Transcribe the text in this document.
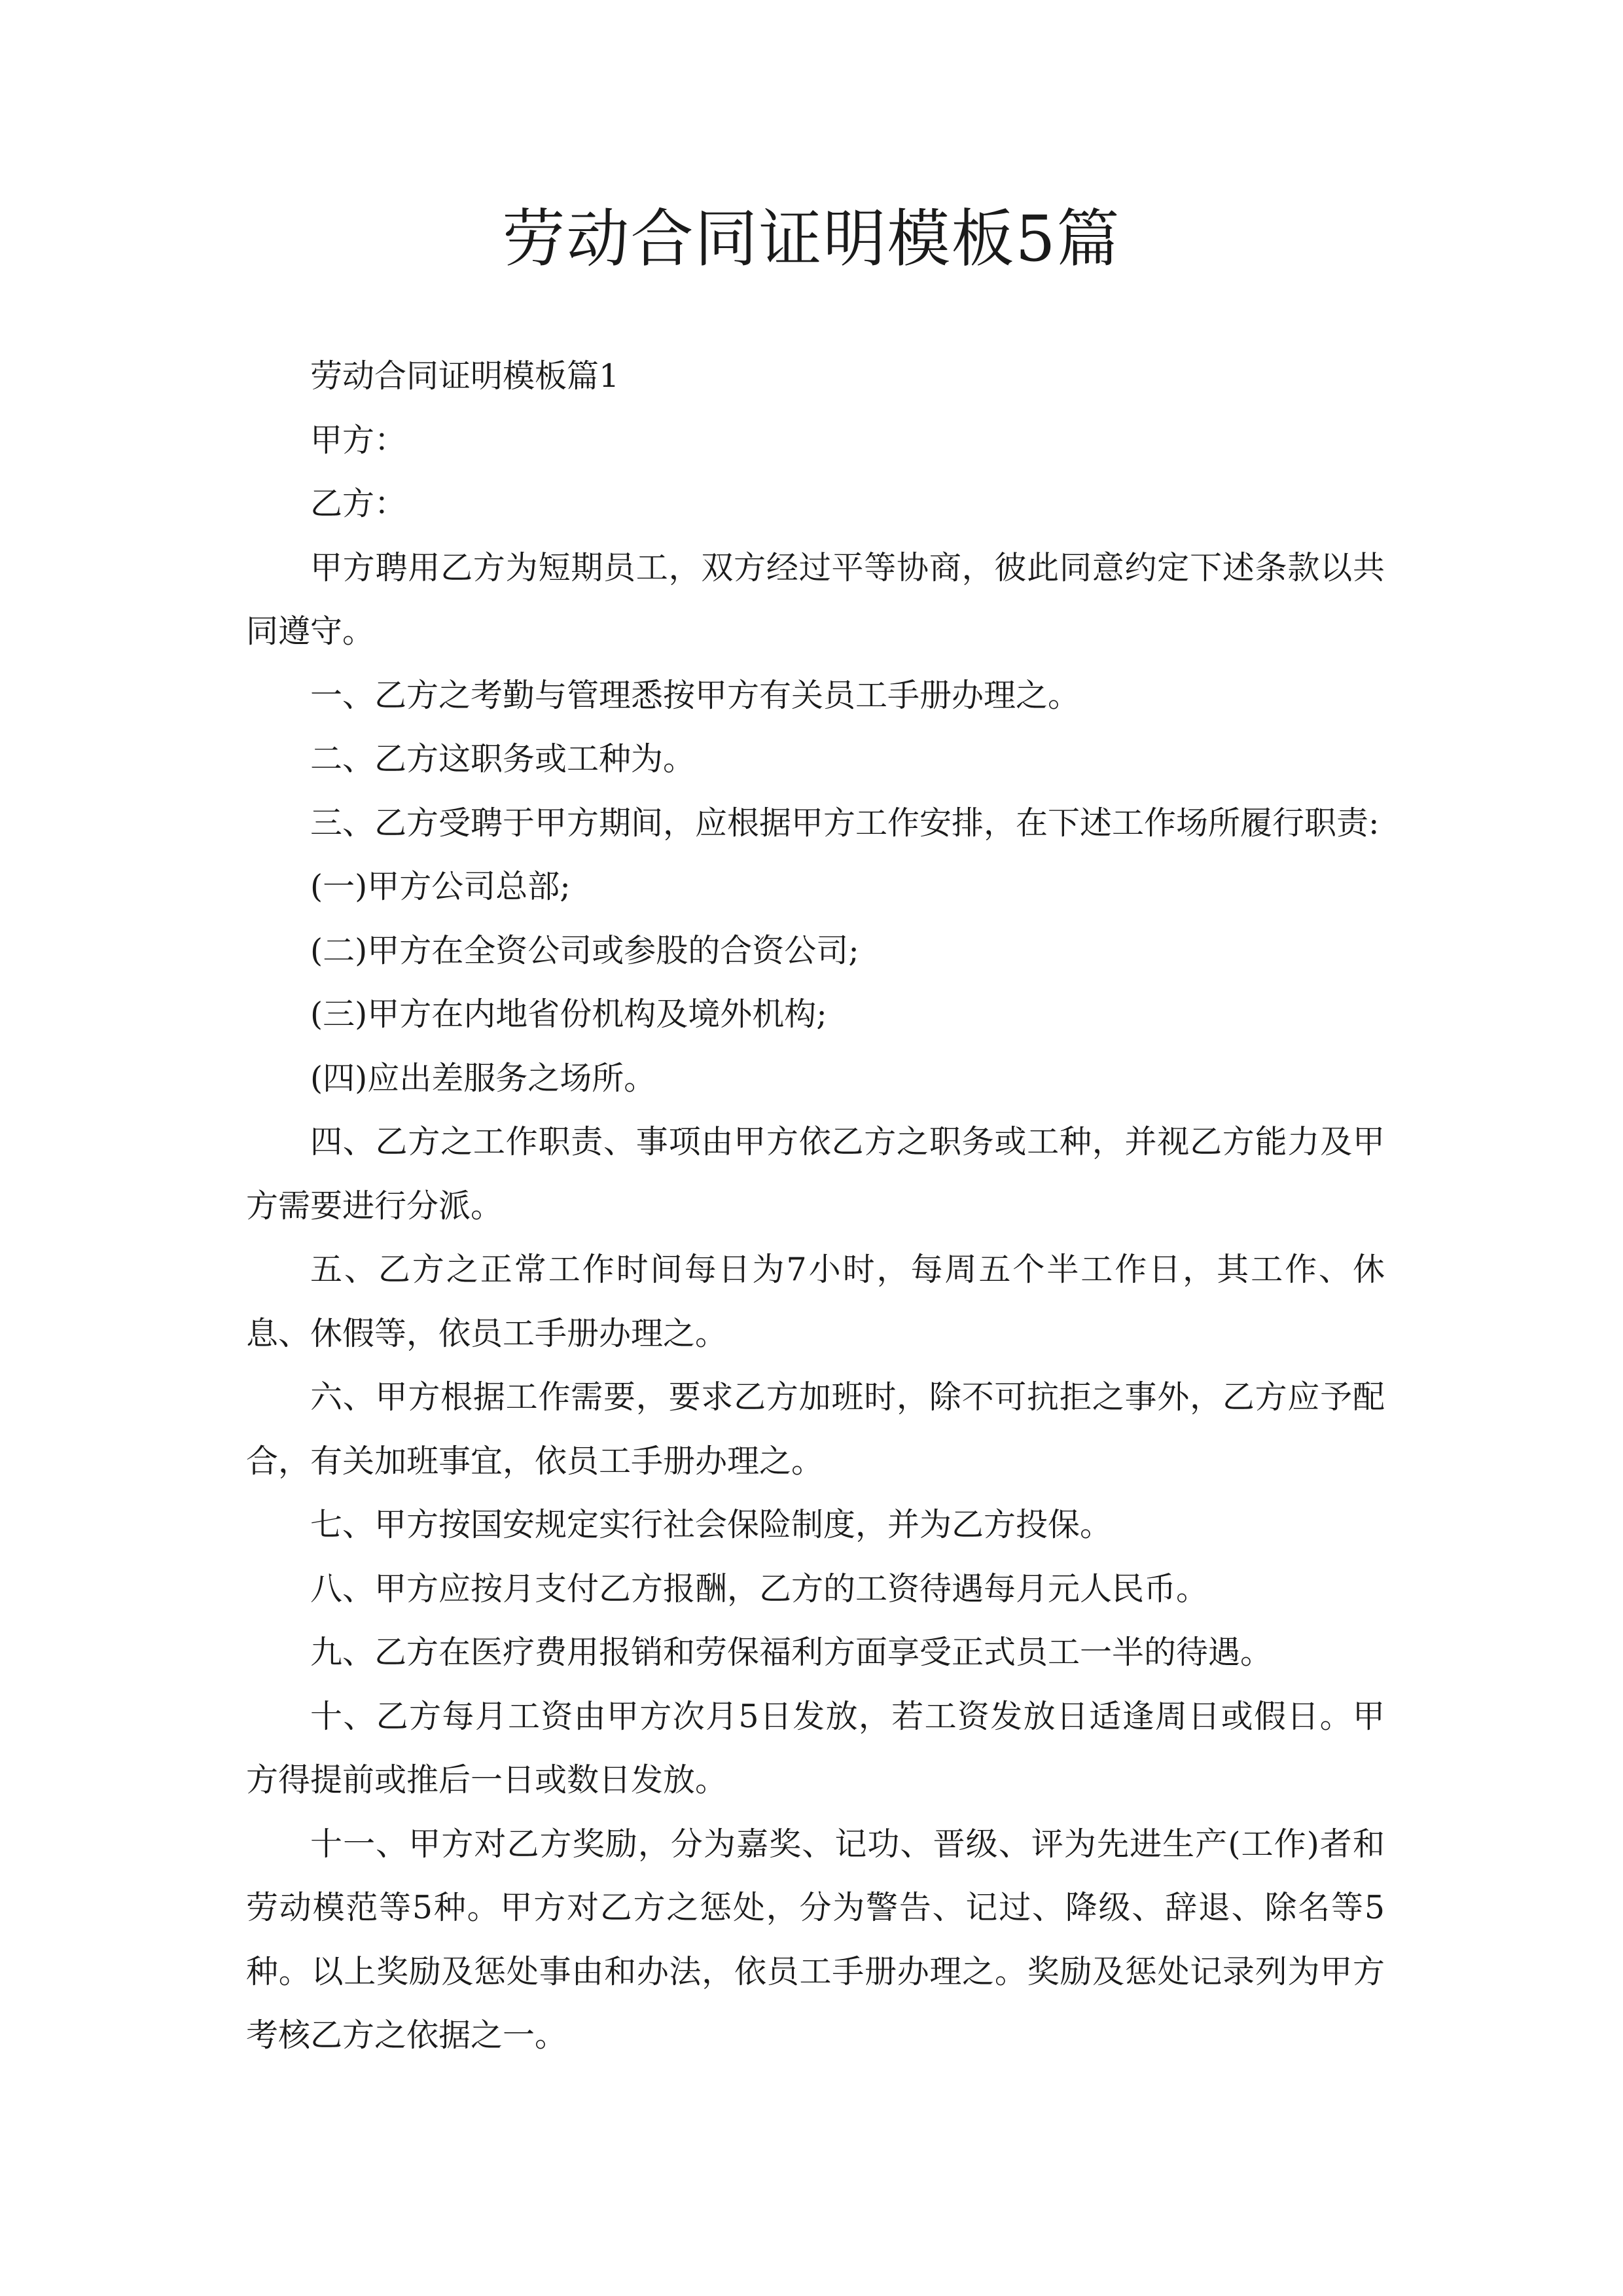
劳动合同证明模板5篇

劳动合同证明模板篇1

甲方：

乙方：

甲方聘用乙方为短期员工，双方经过平等协商，彼此同意约定下述条款以共同遵守。

一、乙方之考勤与管理悉按甲方有关员工手册办理之。

二、乙方这职务或工种为。

三、乙方受聘于甲方期间，应根据甲方工作安排，在下述工作场所履行职责:

(一)甲方公司总部;

(二)甲方在全资公司或参股的合资公司;

(三)甲方在内地省份机构及境外机构;

(四)应出差服务之场所。

四、乙方之工作职责、事项由甲方依乙方之职务或工种，并视乙方能力及甲方需要进行分派。

五、乙方之正常工作时间每日为7小时，每周五个半工作日，其工作、休息、休假等，依员工手册办理之。

六、甲方根据工作需要，要求乙方加班时，除不可抗拒之事外，乙方应予配合，有关加班事宜，依员工手册办理之。

七、甲方按国安规定实行社会保险制度，并为乙方投保。

八、甲方应按月支付乙方报酬，乙方的工资待遇每月元人民币。

九、乙方在医疗费用报销和劳保福利方面享受正式员工一半的待遇。

十、乙方每月工资由甲方次月5日发放，若工资发放日适逢周日或假日。甲方得提前或推后一日或数日发放。

十一、甲方对乙方奖励，分为嘉奖、记功、晋级、评为先进生产(工作)者和劳动模范等5种。甲方对乙方之惩处，分为警告、记过、降级、辞退、除名等5种。以上奖励及惩处事由和办法，依员工手册办理之。奖励及惩处记录列为甲方考核乙方之依据之一。
